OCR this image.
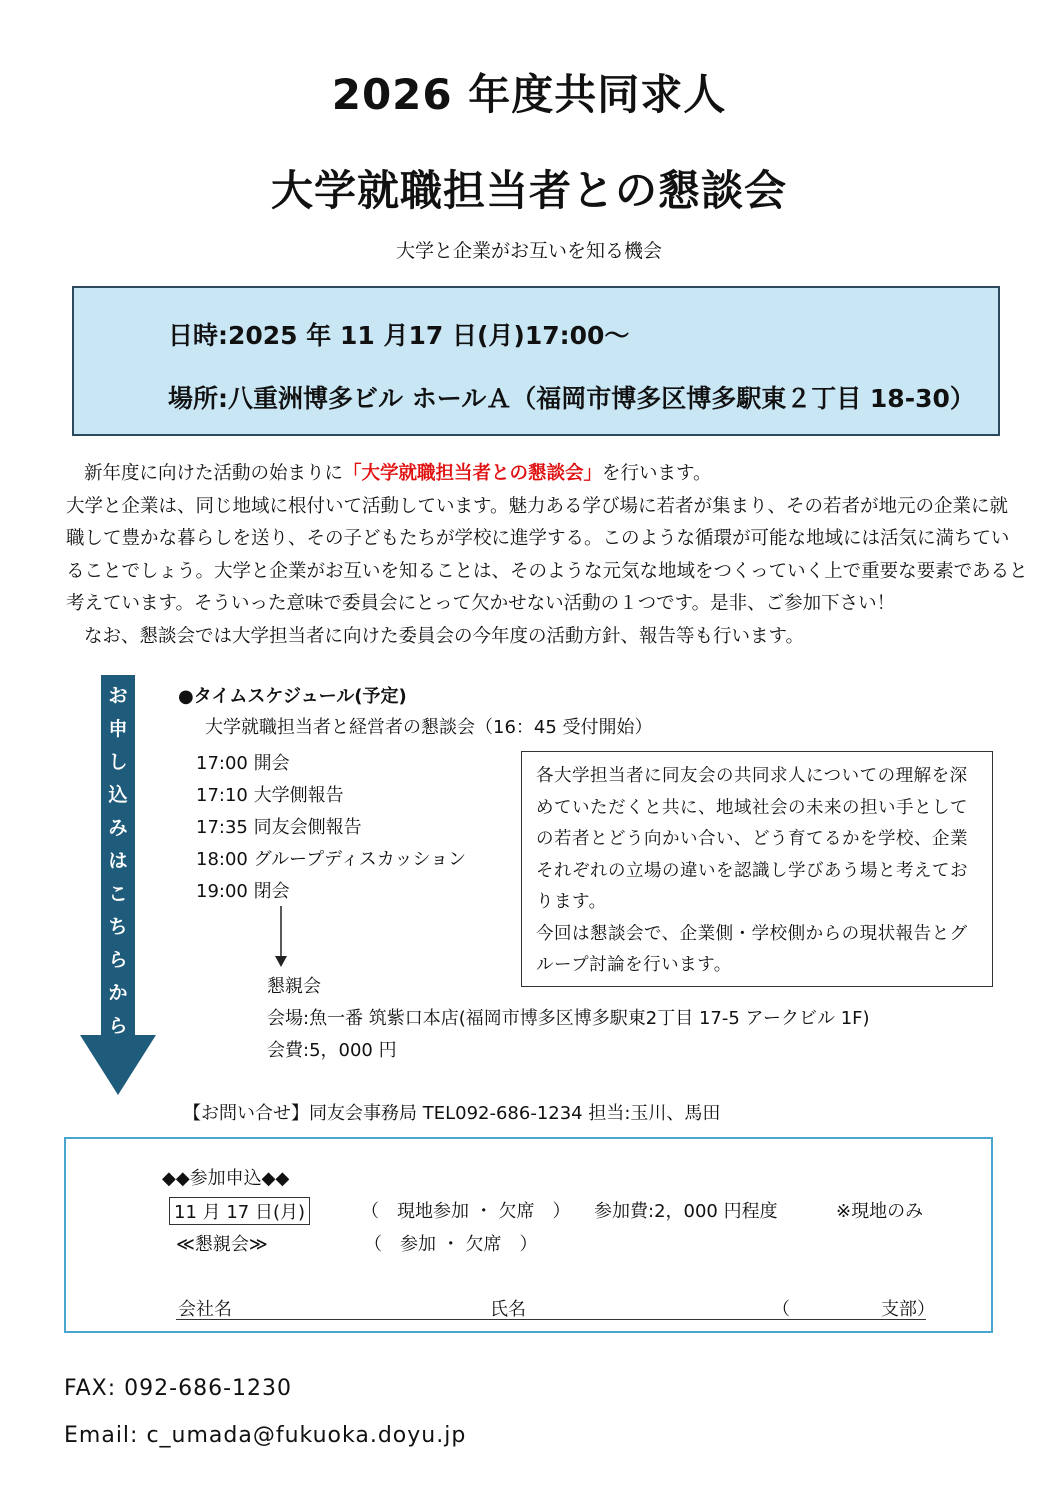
2026 年度共同求人
大学就職担当者との懇談会
大学と企業がお互いを知る機会
日時:2025 年 11 月17 日(月)17:00～
場所:八重洲博多ビル ホールＡ（福岡市博多区博多駅東２丁目 18-30）

新年度に向けた活動の始まりに「大学就職担当者との懇談会」を行います。

大学と企業は、同じ地域に根付いて活動しています。魅力ある学び場に若者が集まり、その若者が地元の企業に就

職して豊かな暮らしを送り、その子どもたちが学校に進学する。このような循環が可能な地域には活気に満ちてい

ることでしょう。大学と企業がお互いを知ることは、そのような元気な地域をつくっていく上で重要な要素であると

考えています。そういった意味で委員会にとって欠かせない活動の１つです。是非、ご参加下さい！

なお、懇談会では大学担当者に向けた委員会の今年度の活動方針、報告等も行います。

お
申
し
込
み
は
こ
ち
ら
か
ら
●タイムスケジュール(予定)
大学就職担当者と経営者の懇談会（16：45 受付開始）
17:00 開会
17:10 大学側報告
17:35 同友会側報告
18:00 グループディスカッション
19:00 閉会
懇親会
会場:魚一番 筑紫口本店(福岡市博多区博多駅東2丁目 17-5 アークビル 1F)
会費:5，000 円

各大学担当者に同友会の共同求人についての理解を深めていただくと共に、地域社会の未来の担い手としての若者とどう向かい合い、どう育てるかを学校、企業それぞれの立場の違いを認識し学びあう場と考えております。

今回は懇談会で、企業側・学校側からの現状報告とグループ討論を行います。

【お問い合せ】同友会事務局 TEL092-686-1234 担当:玉川、馬田
◆◆参加申込◆◆
11 月 17 日(月)	（　現地参加 ・ 欠席　） 参加費:2，000 円程度	※現地のみ
≪懇親会≫	（　参加 ・ 欠席　）
会社名	氏名	（	支部）
FAX: 092-686-1230
Email: c_umada@fukuoka.doyu.jp
